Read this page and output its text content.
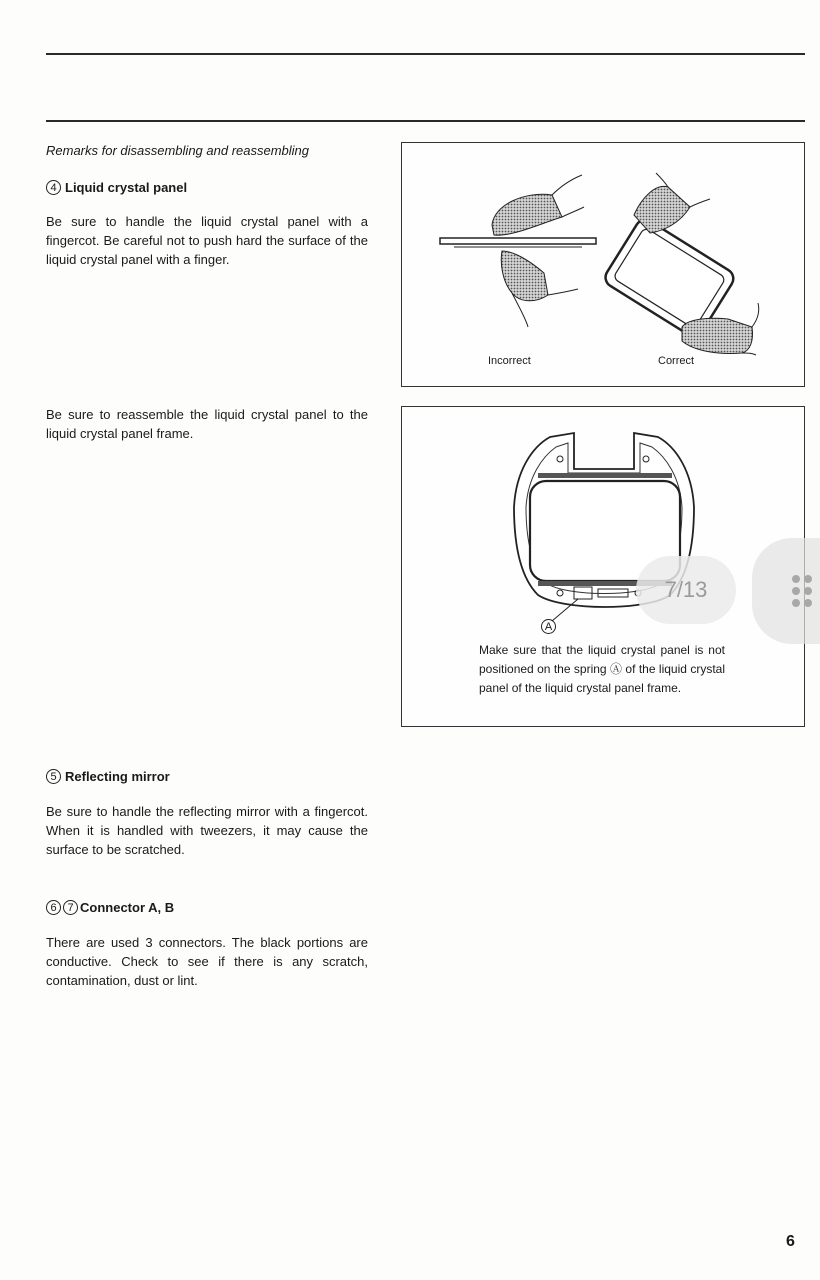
Remarks for disassembling and reassembling
4 Liquid crystal panel
Be sure to handle the liquid crystal panel with a fingercot. Be careful not to push hard the surface of the liquid crystal panel with a finger.
Be sure to reassemble the liquid crystal panel to the liquid crystal panel frame.
Incorrect	Correct
A
Make sure that the liquid crystal panel is not positioned on the spring Ⓐ of the liquid crystal panel of the liquid crystal panel frame.
5 Reflecting mirror
Be sure to handle the reflecting mirror with a fingercot. When it is handled with tweezers, it may cause the surface to be scratched.
6 7 Connector A, B
There are used 3 connectors. The black portions are conductive. Check to see if there is any scratch, contamination, dust or lint.
7/13
6
